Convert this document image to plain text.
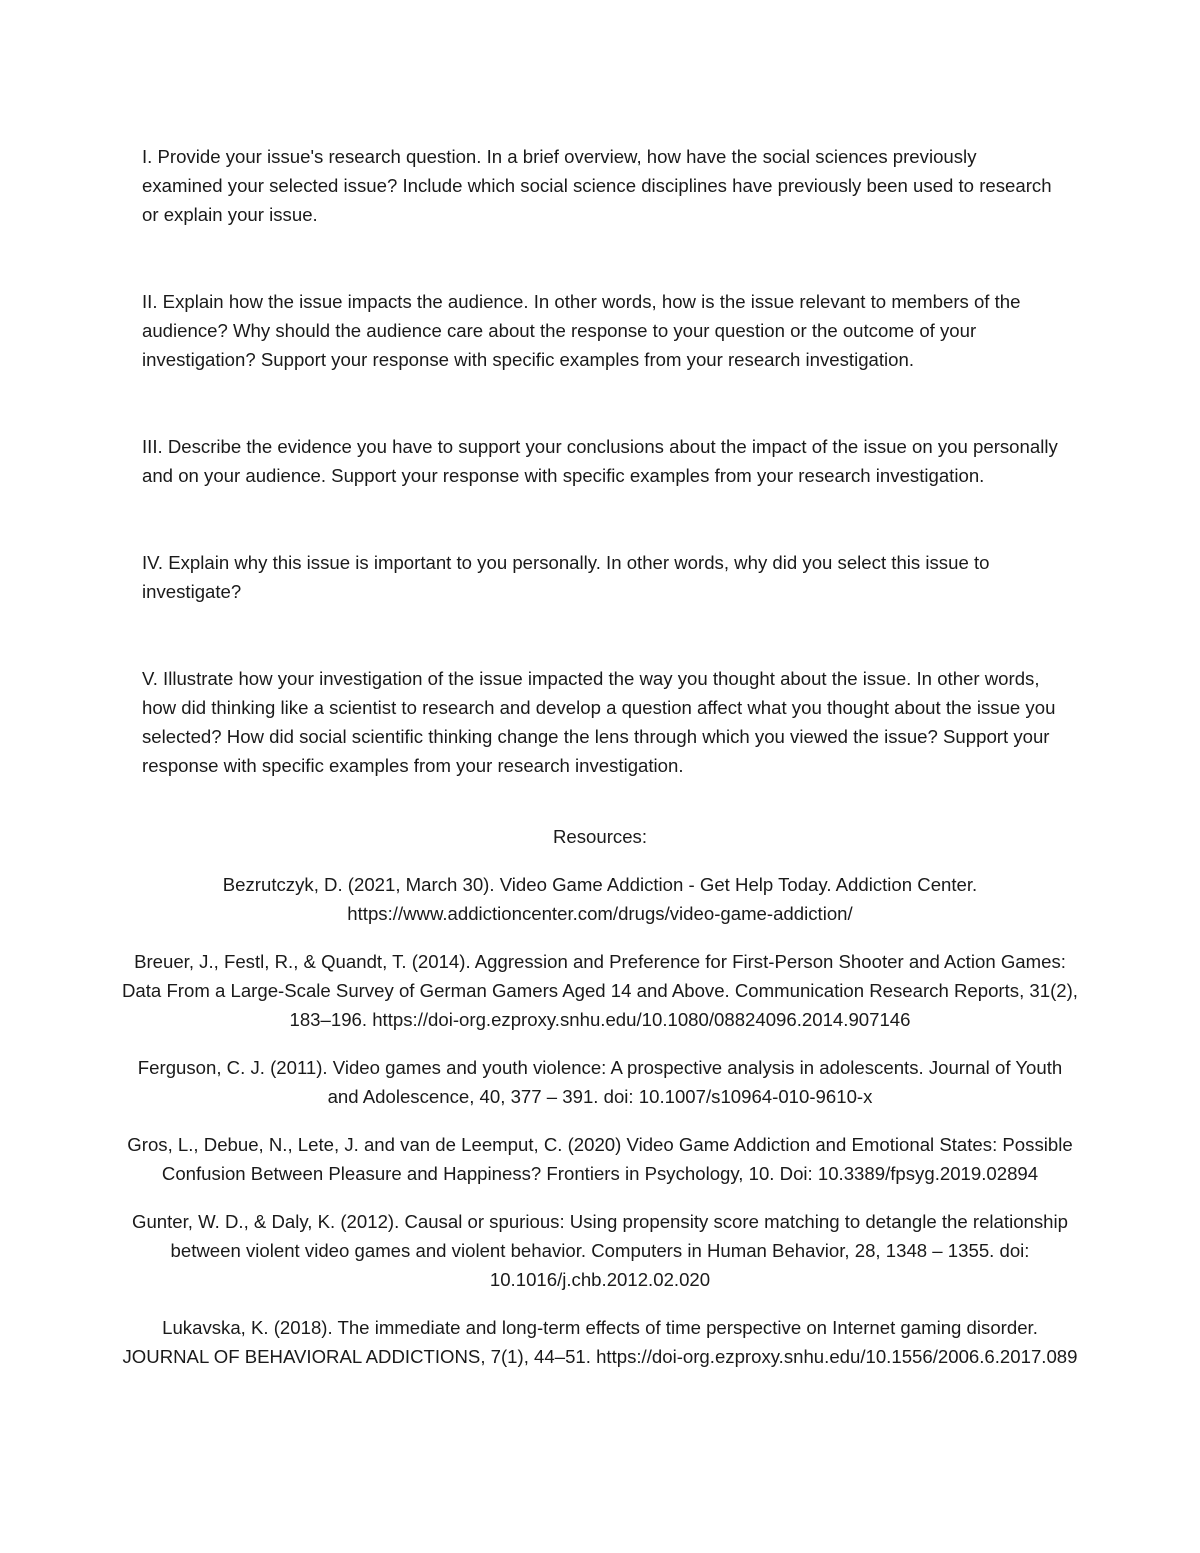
I. Provide your issue's research question. In a brief overview, how have the social sciences previously examined your selected issue? Include which social science disciplines have previously been used to research or explain your issue.

II. Explain how the issue impacts the audience. In other words, how is the issue relevant to members of the audience? Why should the audience care about the response to your question or the outcome of your investigation? Support your response with specific examples from your research investigation.

III. Describe the evidence you have to support your conclusions about the impact of the issue on you personally and on your audience. Support your response with specific examples from your research investigation.

IV. Explain why this issue is important to you personally. In other words, why did you select this issue to investigate?

V. Illustrate how your investigation of the issue impacted the way you thought about the issue. In other words, how did thinking like a scientist to research and develop a question affect what you thought about the issue you selected? How did social scientific thinking change the lens through which you viewed the issue? Support your response with specific examples from your research investigation.

Resources:

Bezrutczyk, D. (2021, March 30). Video Game Addiction - Get Help Today. Addiction Center. https://www.addictioncenter.com/drugs/video-game-addiction/

Breuer, J., Festl, R., & Quandt, T. (2014). Aggression and Preference for First-Person Shooter and Action Games: Data From a Large-Scale Survey of German Gamers Aged 14 and Above. Communication Research Reports, 31(2), 183–196. https://doi-org.ezproxy.snhu.edu/10.1080/08824096.2014.907146

Ferguson, C. J. (2011). Video games and youth violence: A prospective analysis in adolescents. Journal of Youth and Adolescence, 40, 377 – 391. doi: 10.1007/s10964-010-9610-x

Gros, L., Debue, N., Lete, J. and van de Leemput, C. (2020) Video Game Addiction and Emotional States: Possible Confusion Between Pleasure and Happiness? Frontiers in Psychology, 10. Doi: 10.3389/fpsyg.2019.02894

Gunter, W. D., & Daly, K. (2012). Causal or spurious: Using propensity score matching to detangle the relationship between violent video games and violent behavior. Computers in Human Behavior, 28, 1348 – 1355. doi: 10.1016/j.chb.2012.02.020

Lukavska, K. (2018). The immediate and long-term effects of time perspective on Internet gaming disorder. JOURNAL OF BEHAVIORAL ADDICTIONS, 7(1), 44–51. https://doi-org.ezproxy.snhu.edu/10.1556/2006.6.2017.089
